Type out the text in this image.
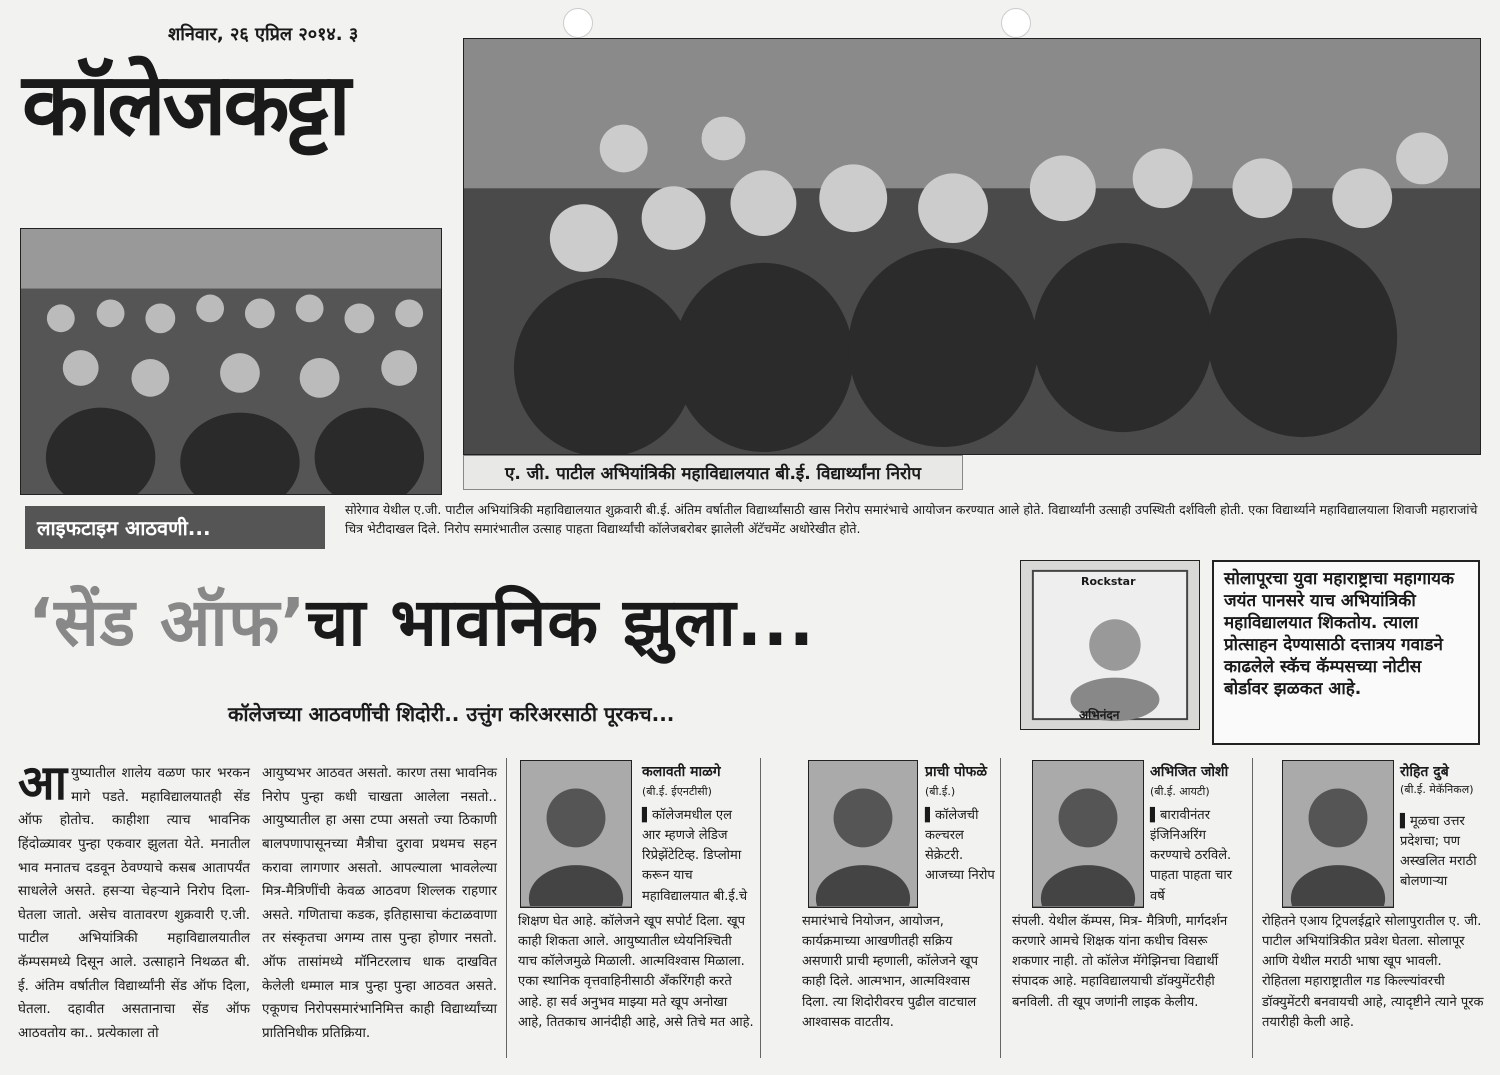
शनिवार, २६ एप्रिल २०१४. ३
कॉलेजकट्टा
ए. जी. पाटील अभियांत्रिकी महाविद्यालयात बी.ई. विद्यार्थ्यांना निरोप
लाइफटाइम आठवणी...
सोरेगाव येथील ए.जी. पाटील अभियांत्रिकी महाविद्यालयात शुक्रवारी बी.ई. अंतिम वर्षातील विद्यार्थ्यांसाठी खास निरोप समारंभाचे आयोजन करण्यात आले होते. विद्यार्थ्यांनी उत्साही उपस्थिती दर्शविली होती. एका विद्यार्थ्याने महाविद्यालयाला शिवाजी महाराजांचे चित्र भेटीदाखल दिले. निरोप समारंभातील उत्साह पाहता विद्यार्थ्यांची कॉलेजबरोबर झालेली अ‍ॅटॅचमेंट अधोरेखीत होते.
‘सेंड ऑफ’चा भावनिक झुला...
कॉलेजच्या आठवणींची शिदोरी.. उत्तुंग करिअरसाठी पूरकच...
Rockstar
अभिनंदन
सोलापूरचा युवा महाराष्ट्राचा महागायक जयंत पानसरे याच अभियांत्रिकी महाविद्यालयात शिकतोय. त्याला प्रोत्साहन देण्यासाठी दत्तात्रय गवाडने काढलेले स्कॅच कॅम्पसच्या नोटीस बोर्डावर झळकत आहे.
आयुष्यातील शालेय वळण फार भरकन मागे पडते. महाविद्यालयातही सेंड ऑफ होतोच. काहीशा त्याच भावनिक हिंदोळ्यावर पुन्हा एकवार झुलता येते. मनातील भाव मनातच दडवून ठेवण्याचे कसब आतापर्यंत साधलेले असते. हसऱ्या चेहऱ्याने निरोप दिला- घेतला जातो. असेच वातावरण शुक्रवारी ए.जी. पाटील अभियांत्रिकी महाविद्यालयातील कॅम्पसमध्ये दिसून आले. उत्साहाने निथळत बी. ई. अंतिम वर्षातील विद्यार्थ्यांनी सेंड ऑफ दिला, घेतला. दहावीत असतानाचा सेंड ऑफ आठवतोय का.. प्रत्येकाला तो
आयुष्यभर आठवत असतो. कारण तसा भावनिक निरोप पुन्हा कधी चाखता आलेला नसतो.. आयुष्यातील हा असा टप्पा असतो ज्या ठिकाणी बालपणापासूनच्या मैत्रीचा दुरावा प्रथमच सहन करावा लागणार असतो. आपल्याला भावलेल्या मित्र-मैत्रिणींची केवळ आठवण शिल्लक राहणार असते. गणिताचा कडक, इतिहासाचा कंटाळवाणा तर संस्कृतचा अगम्य तास पुन्हा होणार नसतो. ऑफ तासांमध्ये मॉनिटरलाच धाक दाखवित केलेली धम्माल मात्र पुन्हा पुन्हा आठवत असते. एकूणच निरोपसमारंभानिमित्त काही विद्यार्थ्यांच्या प्रातिनिधीक प्रतिक्रिया.
कलावती माळगे
(बी.ई. ईएनटीसी)
▌कॉलेजमधील एल आर म्हणजे लेडिज रिप्रेझेंटेटिव्ह. डिप्लोमा करून याच महाविद्यालयात बी.ई.चे
शिक्षण घेत आहे. कॉलेजने खूप सपोर्ट दिला. खूप काही शिकता आले. आयुष्यातील ध्येयनिश्चिती याच कॉलेजमुळे मिळाली. आत्मविश्वास मिळाला. एका स्थानिक वृत्तवाहिनीसाठी अँकरिंगही करते आहे. हा सर्व अनुभव माझ्या मते खूप अनोखा आहे, तितकाच आनंदीही आहे, असे तिचे मत आहे.
प्राची पोफळे
(बी.ई.)
▌कॉलेजची कल्चरल सेक्रेटरी. आजच्या निरोप
समारंभाचे नियोजन, आयोजन, कार्यक्रमाच्या आखणीतही सक्रिय असणारी प्राची म्हणाली, कॉलेजने खूप काही दिले. आत्मभान, आत्मविश्वास दिला. त्या शिदोरीवरच पुढील वाटचाल आश्वासक वाटतीय.
अभिजित जोशी
(बी.ई. आयटी)
▌बारावीनंतर इंजिनिअरिंग करण्याचे ठरविले. पाहता पाहता चार वर्षे
संपली. येथील कॅम्पस, मित्र- मैत्रिणी, मार्गदर्शन करणारे आमचे शिक्षक यांना कधीच विसरू शकणार नाही. तो कॉलेज मॅगेझिनचा विद्यार्थी संपादक आहे. महाविद्यालयाची डॉक्युमेंटरीही बनविली. ती खूप जणांनी लाइक केलीय.
रोहित दुबे
(बी.ई. मेकॅनिकल)
▌मूळचा उत्तर प्रदेशचा; पण अस्खलित मराठी बोलणाऱ्या
रोहितने एआय ट्रिपलईद्वारे सोलापुरातील ए. जी. पाटील अभियांत्रिकीत प्रवेश घेतला. सोलापूर आणि येथील मराठी भाषा खूप भावली. रोहितला महाराष्ट्रातील गड किल्ल्यांवरची डॉक्युमेंटरी बनवायची आहे, त्यादृष्टीने त्याने पूरक तयारीही केली आहे.
